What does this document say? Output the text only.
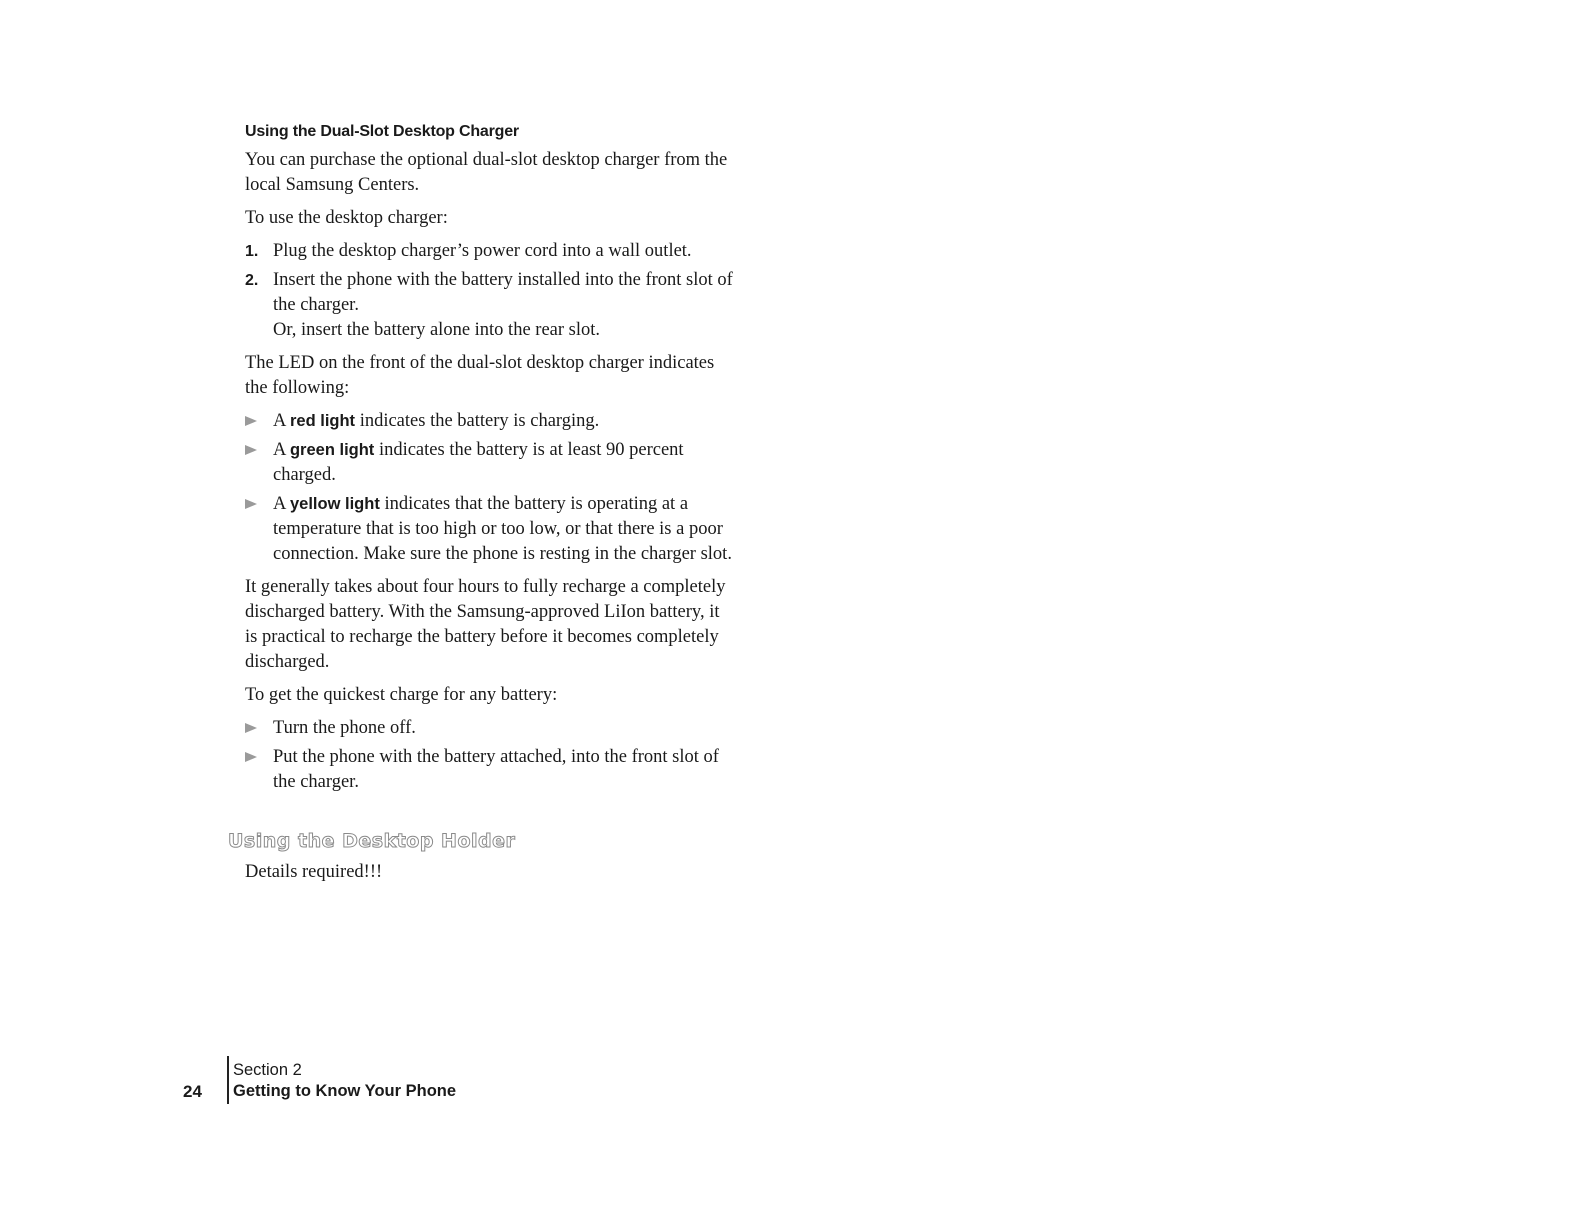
Using the Dual-Slot Desktop Charger

You can purchase the optional dual-slot desktop charger from the local Samsung Centers.

To use the desktop charger:

1. Plug the desktop charger’s power cord into a wall outlet.
2. Insert the phone with the battery installed into the front slot of the charger.
Or, insert the battery alone into the rear slot.

The LED on the front of the dual-slot desktop charger indicates the following:

A red light indicates the battery is charging.
A green light indicates the battery is at least 90 percent charged.
A yellow light indicates that the battery is operating at a temperature that is too high or too low, or that there is a poor connection. Make sure the phone is resting in the charger slot.

It generally takes about four hours to fully recharge a completely discharged battery. With the Samsung-approved LiIon battery, it is practical to recharge the battery before it becomes completely discharged.

To get the quickest charge for any battery:

Turn the phone off.
Put the phone with the battery attached, into the front slot of the charger.
Using the Desktop Holder
Details required!!!
24
Section 2
Getting to Know Your Phone
